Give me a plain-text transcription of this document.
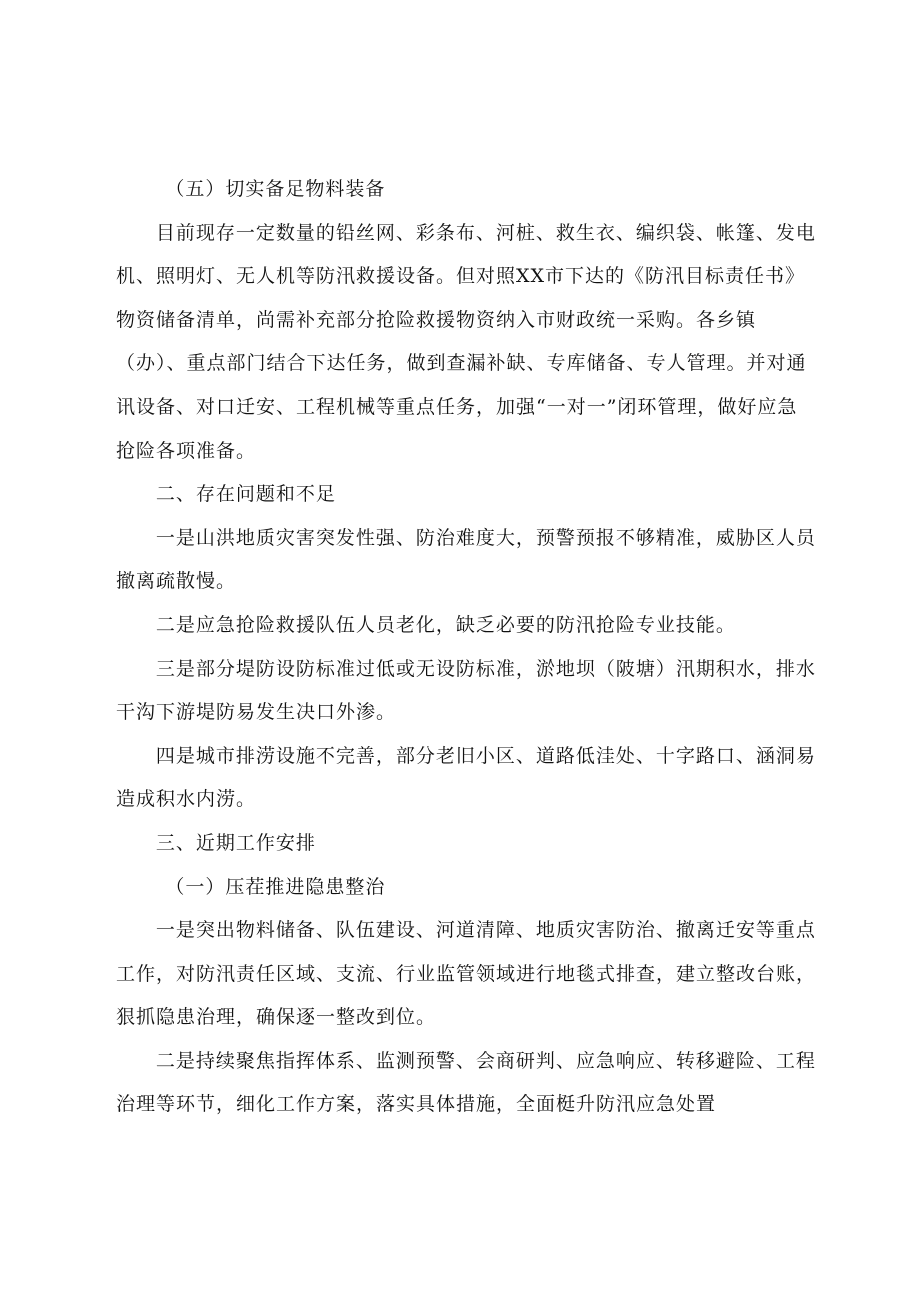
（五）切实备足物料装备

目前现存一定数量的铅丝网、彩条布、河桩、救生衣、编织袋、帐篷、发电机、照明灯、无人机等防汛救援设备。但对照XX市下达的《防汛目标责任书》物资储备清单，尚需补充部分抢险救援物资纳入市财政统一采购。各乡镇（办）、重点部门结合下达任务，做到查漏补缺、专库储备、专人管理。并对通讯设备、对口迁安、工程机械等重点任务，加强“一对一”闭环管理，做好应急抢险各项准备。

二、存在问题和不足

一是山洪地质灾害突发性强、防治难度大，预警预报不够精准，威胁区人员撤离疏散慢。

二是应急抢险救援队伍人员老化，缺乏必要的防汛抢险专业技能。

三是部分堤防设防标准过低或无设防标准，淤地坝（陂塘）汛期积水，排水干沟下游堤防易发生决口外渗。

四是城市排涝设施不完善，部分老旧小区、道路低洼处、十字路口、涵洞易造成积水内涝。

三、近期工作安排

（一）压茬推进隐患整治

一是突出物料储备、队伍建设、河道清障、地质灾害防治、撤离迁安等重点工作，对防汛责任区域、支流、行业监管领域进行地毯式排查，建立整改台账，狠抓隐患治理，确保逐一整改到位。

二是持续聚焦指挥体系、监测预警、会商研判、应急响应、转移避险、工程治理等环节，细化工作方案，落实具体措施，全面梃升防汛应急处置
